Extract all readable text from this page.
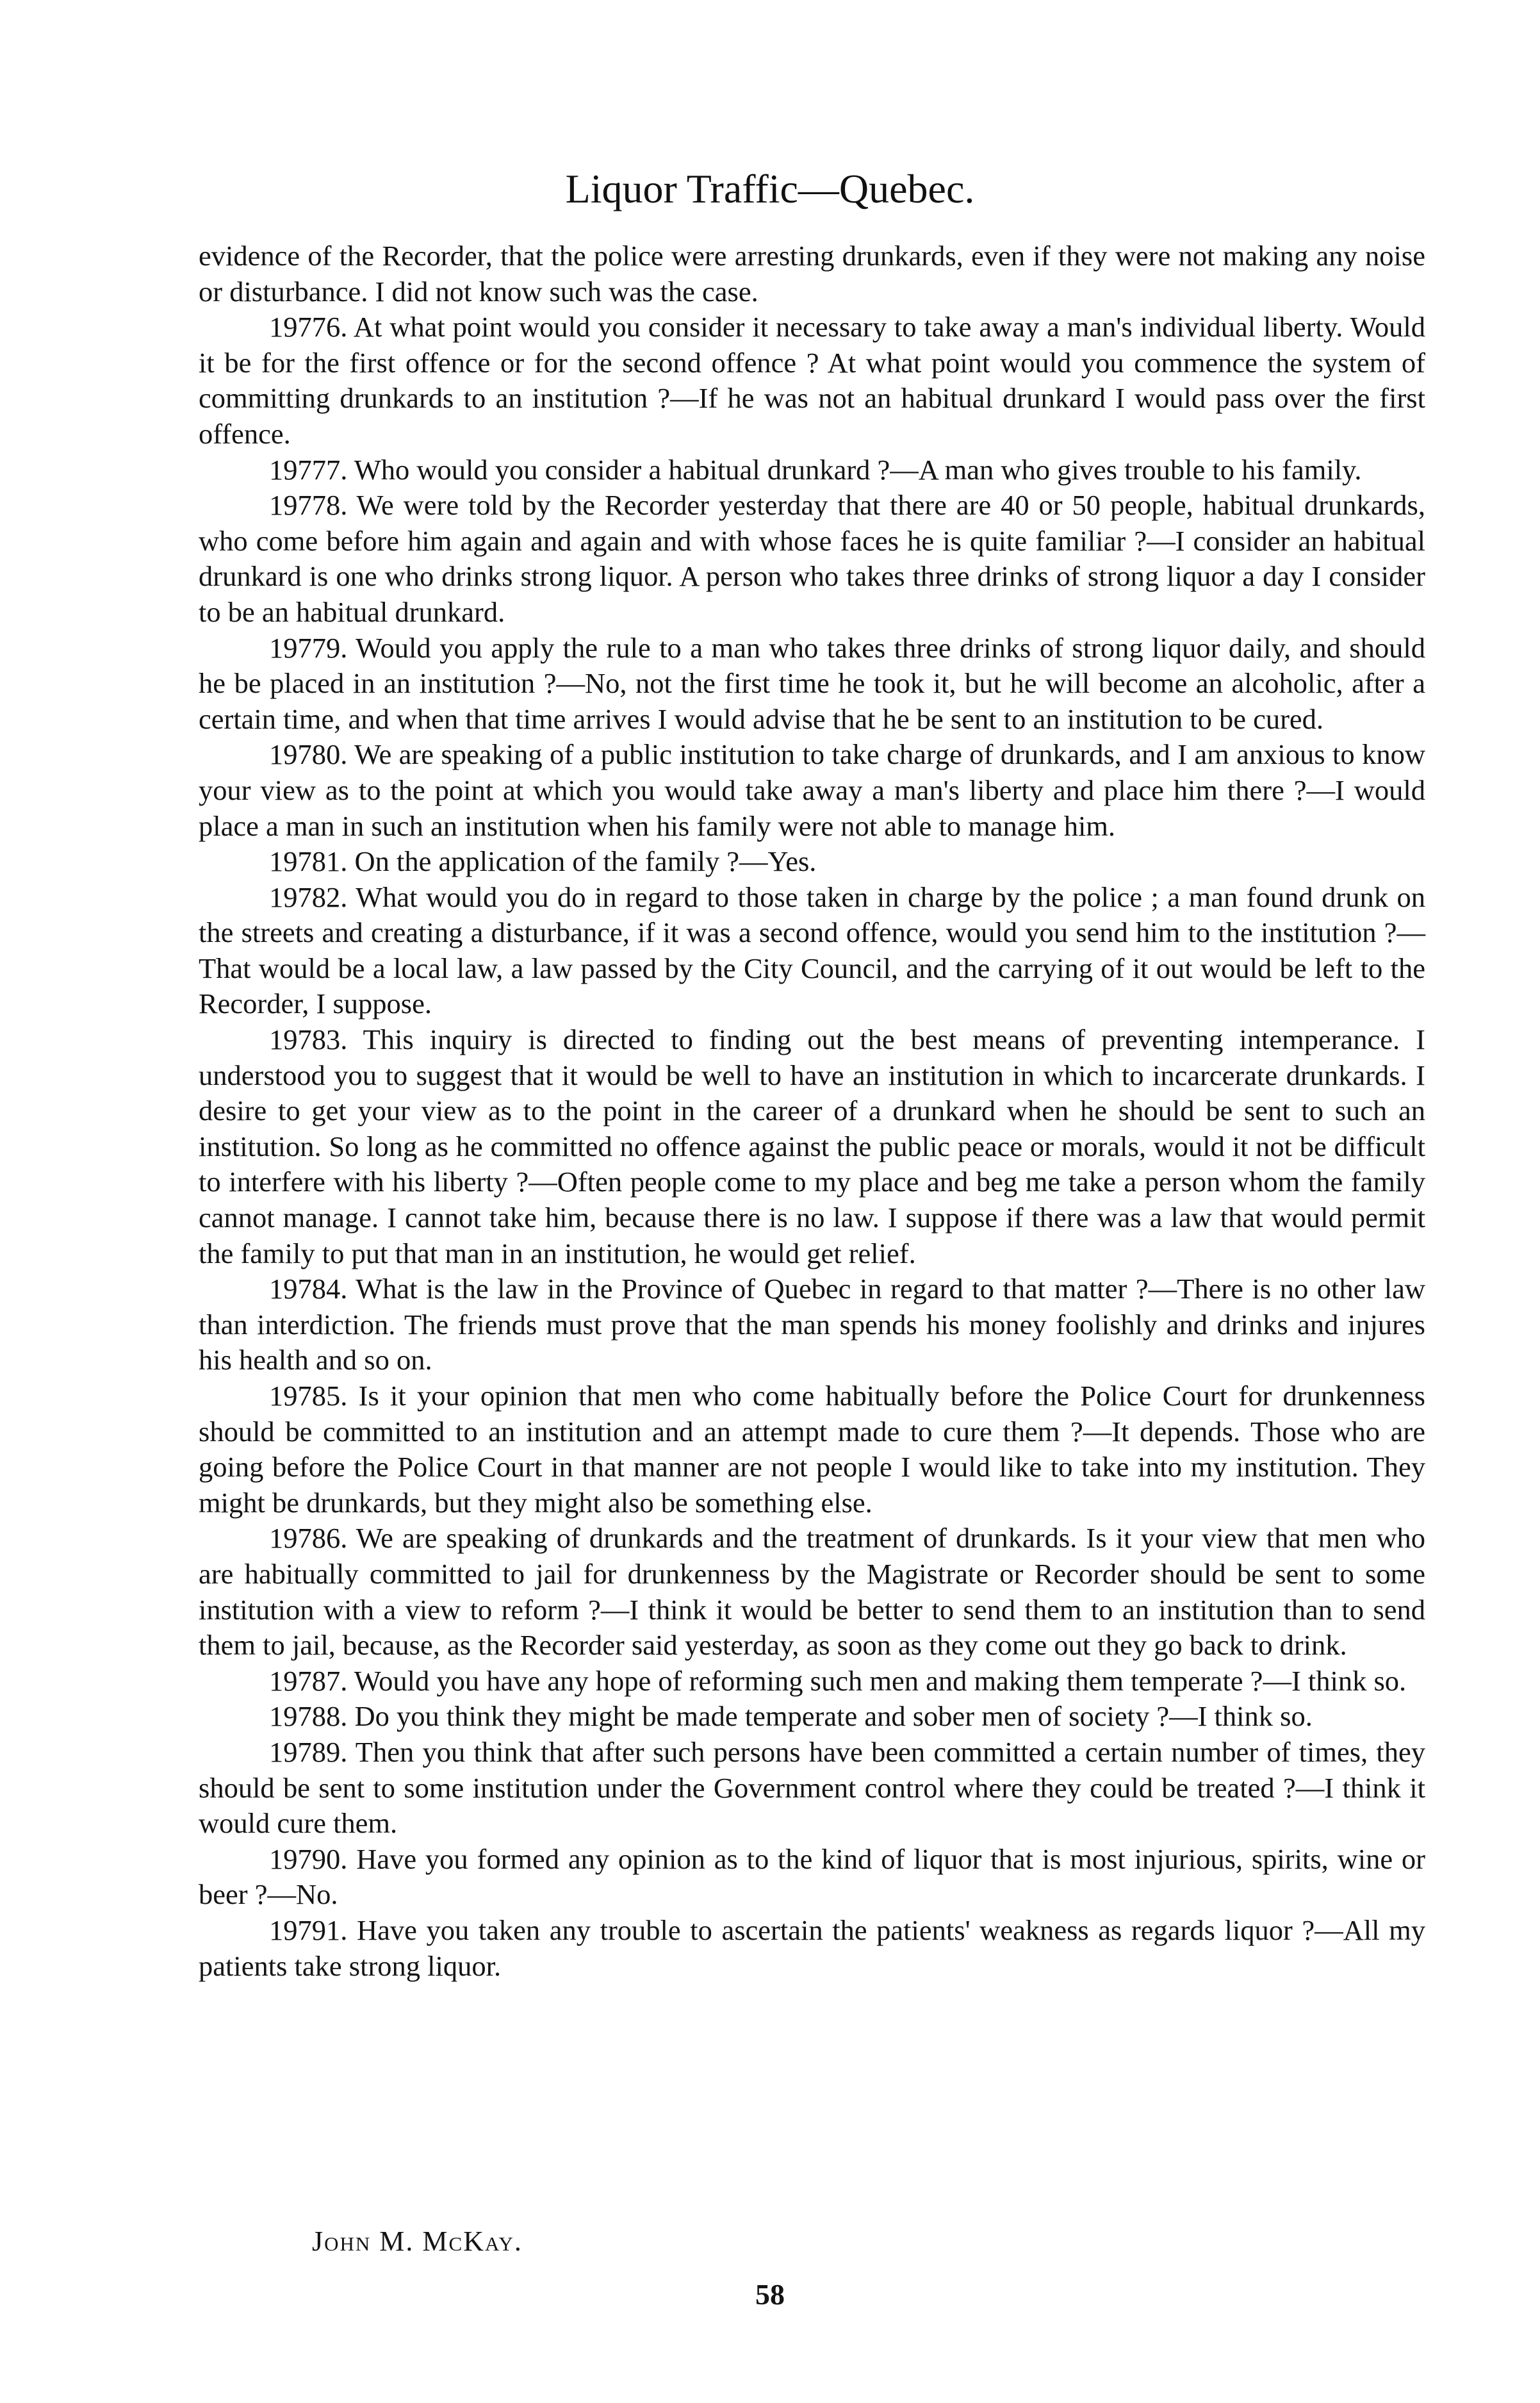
Liquor Traffic—Quebec.

evidence of the Recorder, that the police were arresting drunkards, even if they were not making any noise or disturbance. I did not know such was the case.

19776. At what point would you consider it necessary to take away a man's individual liberty. Would it be for the first offence or for the second offence ? At what point would you commence the system of committing drunkards to an institution ?—If he was not an habitual drunkard I would pass over the first offence.

19777. Who would you consider a habitual drunkard ?—A man who gives trouble to his family.

19778. We were told by the Recorder yesterday that there are 40 or 50 people, habitual drunkards, who come before him again and again and with whose faces he is quite familiar ?—I consider an habitual drunkard is one who drinks strong liquor. A person who takes three drinks of strong liquor a day I consider to be an habitual drunkard.

19779. Would you apply the rule to a man who takes three drinks of strong liquor daily, and should he be placed in an institution ?—No, not the first time he took it, but he will become an alcoholic, after a certain time, and when that time arrives I would advise that he be sent to an institution to be cured.

19780. We are speaking of a public institution to take charge of drunkards, and I am anxious to know your view as to the point at which you would take away a man's liberty and place him there ?—I would place a man in such an institution when his family were not able to manage him.

19781. On the application of the family ?—Yes.

19782. What would you do in regard to those taken in charge by the police ; a man found drunk on the streets and creating a disturbance, if it was a second offence, would you send him to the institution ?—That would be a local law, a law passed by the City Council, and the carrying of it out would be left to the Recorder, I suppose.

19783. This inquiry is directed to finding out the best means of preventing intemperance. I understood you to suggest that it would be well to have an institution in which to incarcerate drunkards. I desire to get your view as to the point in the career of a drunkard when he should be sent to such an institution. So long as he committed no offence against the public peace or morals, would it not be difficult to interfere with his liberty ?—Often people come to my place and beg me take a person whom the family cannot manage. I cannot take him, because there is no law. I suppose if there was a law that would permit the family to put that man in an institution, he would get relief.

19784. What is the law in the Province of Quebec in regard to that matter ?—There is no other law than interdiction. The friends must prove that the man spends his money foolishly and drinks and injures his health and so on.

19785. Is it your opinion that men who come habitually before the Police Court for drunkenness should be committed to an institution and an attempt made to cure them ?—It depends. Those who are going before the Police Court in that manner are not people I would like to take into my institution. They might be drunkards, but they might also be something else.

19786. We are speaking of drunkards and the treatment of drunkards. Is it your view that men who are habitually committed to jail for drunkenness by the Magistrate or Recorder should be sent to some institution with a view to reform ?—I think it would be better to send them to an institution than to send them to jail, because, as the Recorder said yesterday, as soon as they come out they go back to drink.

19787. Would you have any hope of reforming such men and making them temperate ?—I think so.

19788. Do you think they might be made temperate and sober men of society ?—I think so.

19789. Then you think that after such persons have been committed a certain number of times, they should be sent to some institution under the Government control where they could be treated ?—I think it would cure them.

19790. Have you formed any opinion as to the kind of liquor that is most injurious, spirits, wine or beer ?—No.

19791. Have you taken any trouble to ascertain the patients' weakness as regards liquor ?—All my patients take strong liquor.

John M. McKay.
58
